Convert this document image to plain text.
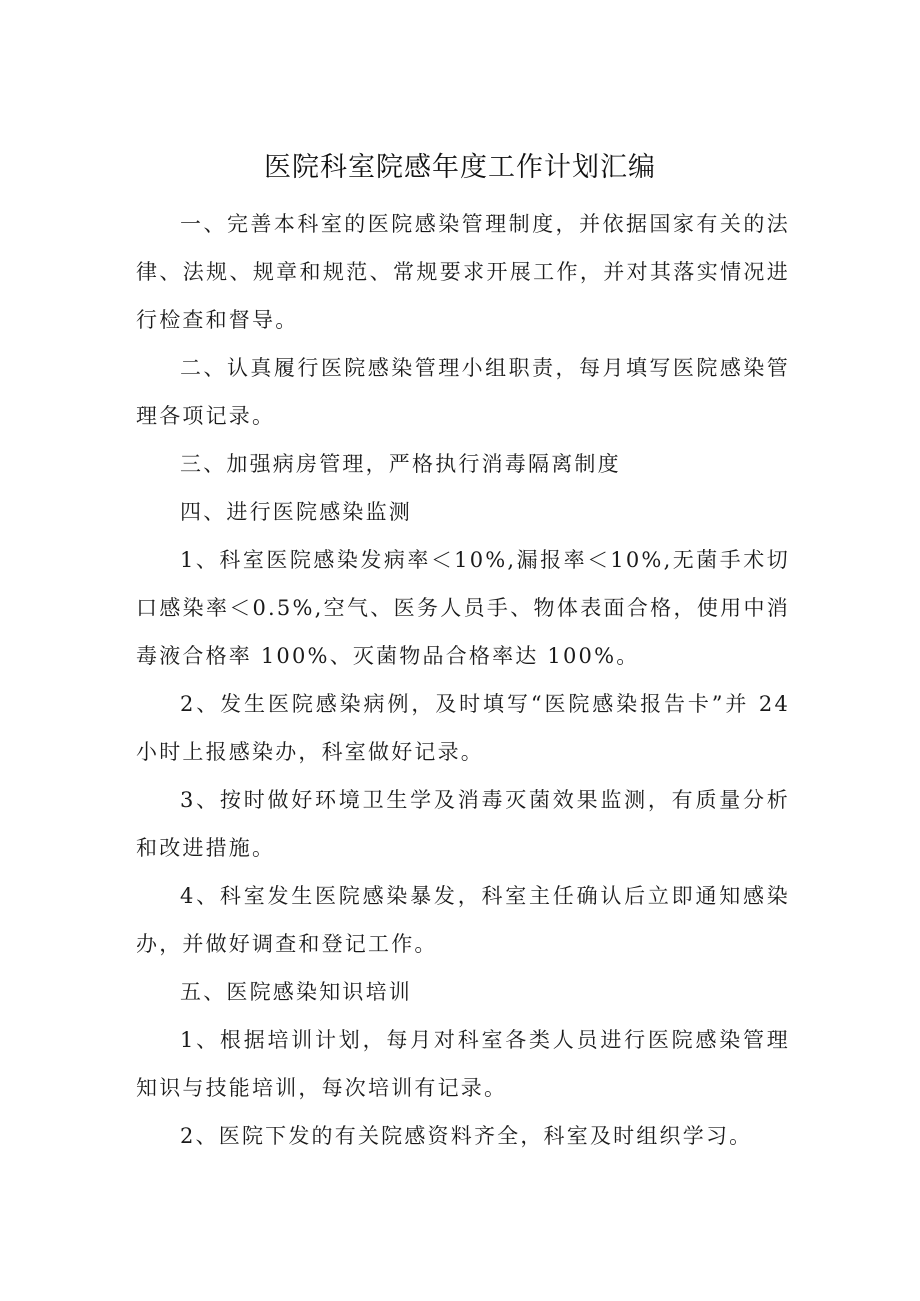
医院科室院感年度工作计划汇编

一、完善本科室的医院感染管理制度，并依据国家有关的法律、法规、规章和规范、常规要求开展工作，并对其落实情况进行检查和督导。

二、认真履行医院感染管理小组职责，每月填写医院感染管理各项记录。

三、加强病房管理，严格执行消毒隔离制度

四、进行医院感染监测

1、科室医院感染发病率＜10%,漏报率＜10%,无菌手术切口感染率＜0.5%,空气、医务人员手、物体表面合格，使用中消毒液合格率 100%、灭菌物品合格率达 100%。

2、发生医院感染病例，及时填写“医院感染报告卡”并 24 小时上报感染办，科室做好记录。

3、按时做好环境卫生学及消毒灭菌效果监测，有质量分析和改进措施。

4、科室发生医院感染暴发，科室主任确认后立即通知感染办，并做好调查和登记工作。

五、医院感染知识培训

1、根据培训计划，每月对科室各类人员进行医院感染管理知识与技能培训，每次培训有记录。

2、医院下发的有关院感资料齐全，科室及时组织学习。
